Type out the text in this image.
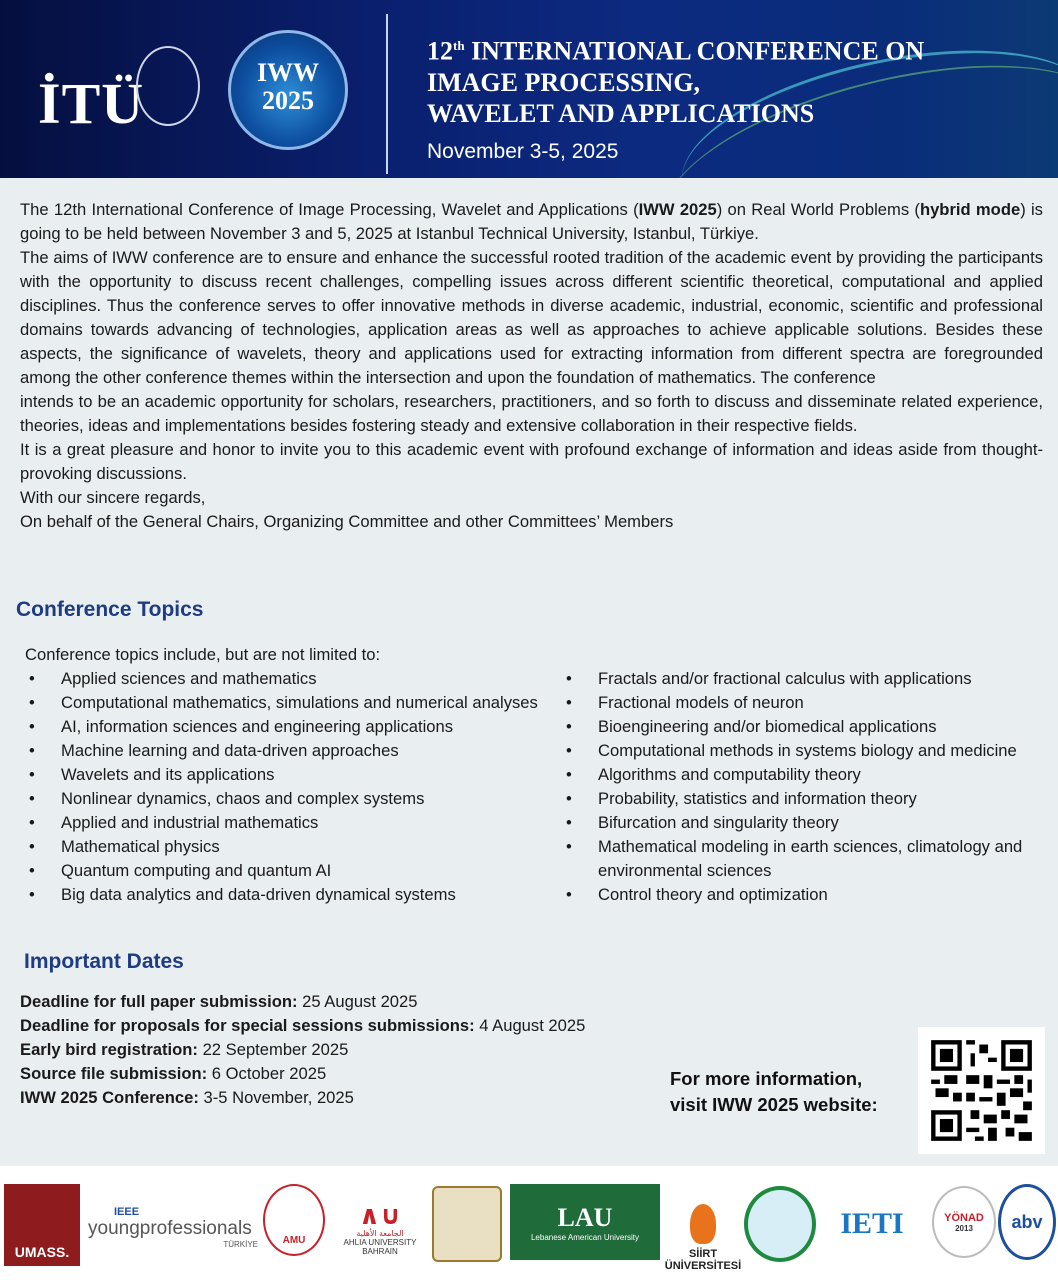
İTÜ	IWW
2025
12th INTERNATIONAL CONFERENCE ON
IMAGE PROCESSING,
WAVELET AND APPLICATIONS
November 3-5, 2025

The 12th International Conference of Image Processing, Wavelet and Applications (IWW 2025) on Real World Problems (hybrid mode) is going to be held between November 3 and 5, 2025 at Istanbul Technical University, Istanbul, Türkiye.

The aims of IWW conference are to ensure and enhance the successful rooted tradition of the academic event by providing the participants with the opportunity to discuss recent challenges, compelling issues across different scientific theoretical, computational and applied disciplines. Thus the conference serves to offer innovative methods in diverse academic, industrial, economic, scientific and professional domains towards advancing of technologies, application areas as well as approaches to achieve applicable solutions. Besides these aspects, the significance of wavelets, theory and applications used for extracting information from different spectra are foregrounded among the other conference themes within the intersection and upon the foundation of mathematics. The conference

intends to be an academic opportunity for scholars, researchers, practitioners, and so forth to discuss and disseminate related experience, theories, ideas and implementations besides fostering steady and extensive collaboration in their respective fields.

It is a great pleasure and honor to invite you to this academic event with profound exchange of information and ideas aside from thought-provoking discussions.

With our sincere regards,

On behalf of the General Chairs, Organizing Committee and other Committees’ Members

Conference Topics
Conference topics include, but are not limited to:
• Applied sciences and mathematics
• Computational mathematics, simulations and numerical analyses
• AI, information sciences and engineering applications
• Machine learning and data-driven approaches
• Wavelets and its applications
• Nonlinear dynamics, chaos and complex systems
• Applied and industrial mathematics
• Mathematical physics
• Quantum computing and quantum AI
• Big data analytics and data-driven dynamical systems
• Fractals and/or fractional calculus with applications
• Fractional models of neuron
• Bioengineering and/or biomedical applications
• Computational methods in systems biology and medicine
• Algorithms and computability theory
• Probability, statistics and information theory
• Bifurcation and singularity theory
• Mathematical modeling in earth sciences, climatology and environmental sciences
• Control theory and optimization
Important Dates
Deadline for full paper submission: 25 August 2025
Deadline for proposals for special sessions submissions: 4 August 2025
Early bird registration: 22 September 2025
Source file submission: 6 October 2025
IWW 2025 Conference: 3-5 November, 2025
For more information,
visit IWW 2025 website:
UMASS.
IEEE
youngprofessionals
TÜRKİYE	AMU
∧∪
الجامعة الأهلية
AHLIA UNIVERSITY
BAHRAIN
LAU
Lebanese American University
SİİRT
ÜNİVERSİTESİ
IETI	YÖNAD
2013	abv
